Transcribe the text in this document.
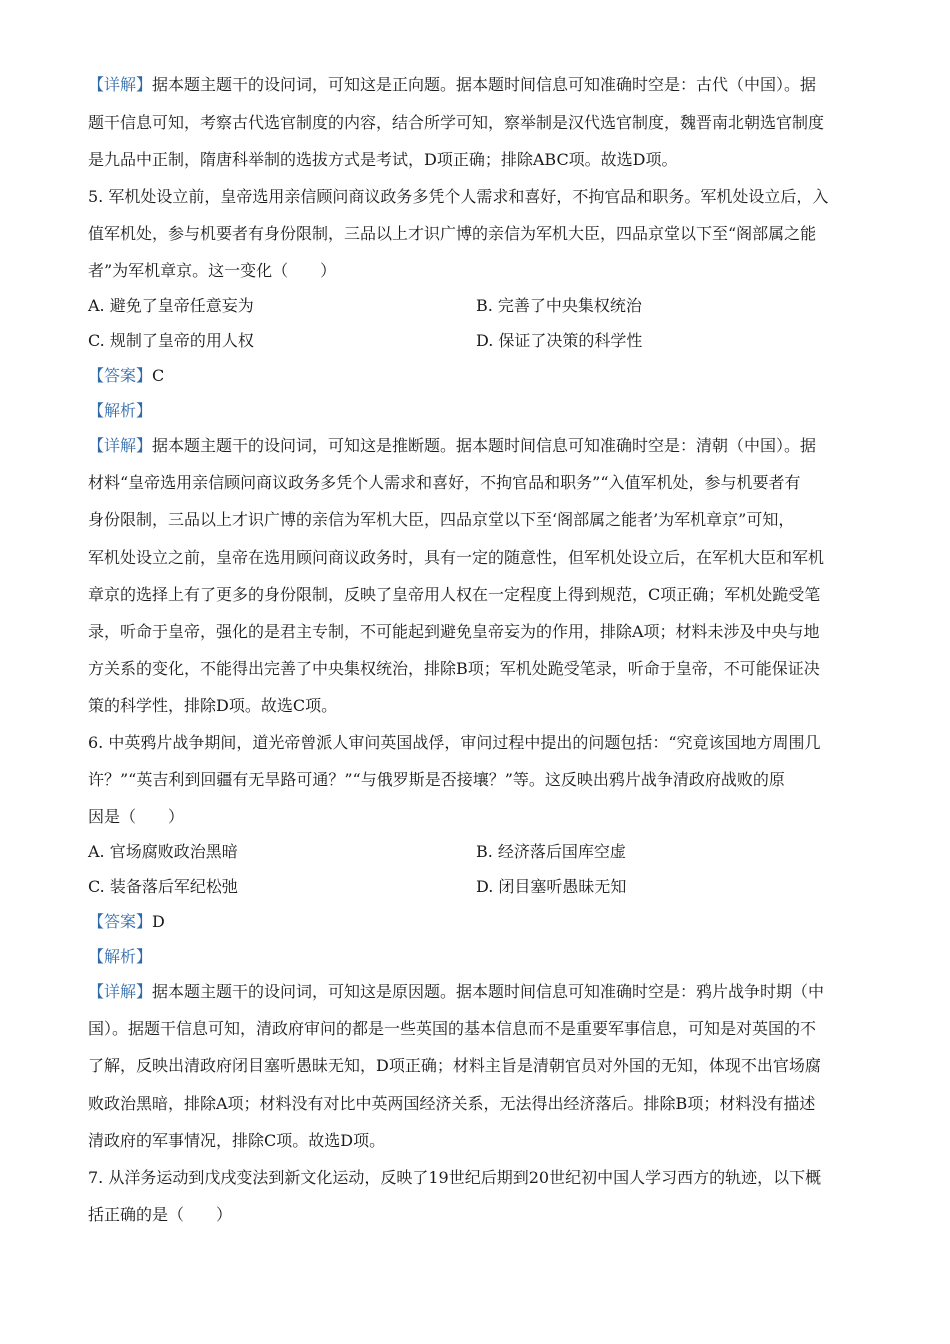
【详解】据本题主题干的设问词，可知这是正向题。据本题时间信息可知准确时空是：古代（中国）。据
题干信息可知，考察古代选官制度的内容，结合所学可知，察举制是汉代选官制度，魏晋南北朝选官制度
是九品中正制，隋唐科举制的选拔方式是考试，D项正确；排除ABC项。故选D项。
5. 军机处设立前，皇帝选用亲信顾问商议政务多凭个人需求和喜好，不拘官品和职务。军机处设立后，入
值军机处，参与机要者有身份限制，三品以上才识广博的亲信为军机大臣，四品京堂以下至“阁部属之能
者”为军机章京。这一变化（　　）
A. 避免了皇帝任意妄为	B. 完善了中央集权统治
C. 规制了皇帝的用人权	D. 保证了决策的科学性
【答案】C
【解析】
【详解】据本题主题干的设问词，可知这是推断题。据本题时间信息可知准确时空是：清朝（中国）。据
材料“皇帝选用亲信顾问商议政务多凭个人需求和喜好，不拘官品和职务”“入值军机处，参与机要者有
身份限制，三品以上才识广博的亲信为军机大臣，四品京堂以下至‘阁部属之能者’为军机章京”可知，
军机处设立之前，皇帝在选用顾问商议政务时，具有一定的随意性，但军机处设立后，在军机大臣和军机
章京的选择上有了更多的身份限制，反映了皇帝用人权在一定程度上得到规范，C项正确；军机处跪受笔
录，听命于皇帝，强化的是君主专制，不可能起到避免皇帝妄为的作用，排除A项；材料未涉及中央与地
方关系的变化，不能得出完善了中央集权统治，排除B项；军机处跪受笔录，听命于皇帝，不可能保证决
策的科学性，排除D项。故选C项。
6. 中英鸦片战争期间，道光帝曾派人审问英国战俘，审问过程中提出的问题包括：“究竟该国地方周围几
许？”“英吉利到回疆有无旱路可通？”“与俄罗斯是否接壤？”等。这反映出鸦片战争清政府战败的原
因是（　　）
A. 官场腐败政治黑暗	B. 经济落后国库空虚
C. 装备落后军纪松弛	D. 闭目塞听愚昧无知
【答案】D
【解析】
【详解】据本题主题干的设问词，可知这是原因题。据本题时间信息可知准确时空是：鸦片战争时期（中
国）。据题干信息可知，清政府审问的都是一些英国的基本信息而不是重要军事信息，可知是对英国的不
了解，反映出清政府闭目塞听愚昧无知，D项正确；材料主旨是清朝官员对外国的无知，体现不出官场腐
败政治黑暗，排除A项；材料没有对比中英两国经济关系，无法得出经济落后。排除B项；材料没有描述
清政府的军事情况，排除C项。故选D项。
7. 从洋务运动到戊戌变法到新文化运动，反映了19世纪后期到20世纪初中国人学习西方的轨迹，以下概
括正确的是（　　）
